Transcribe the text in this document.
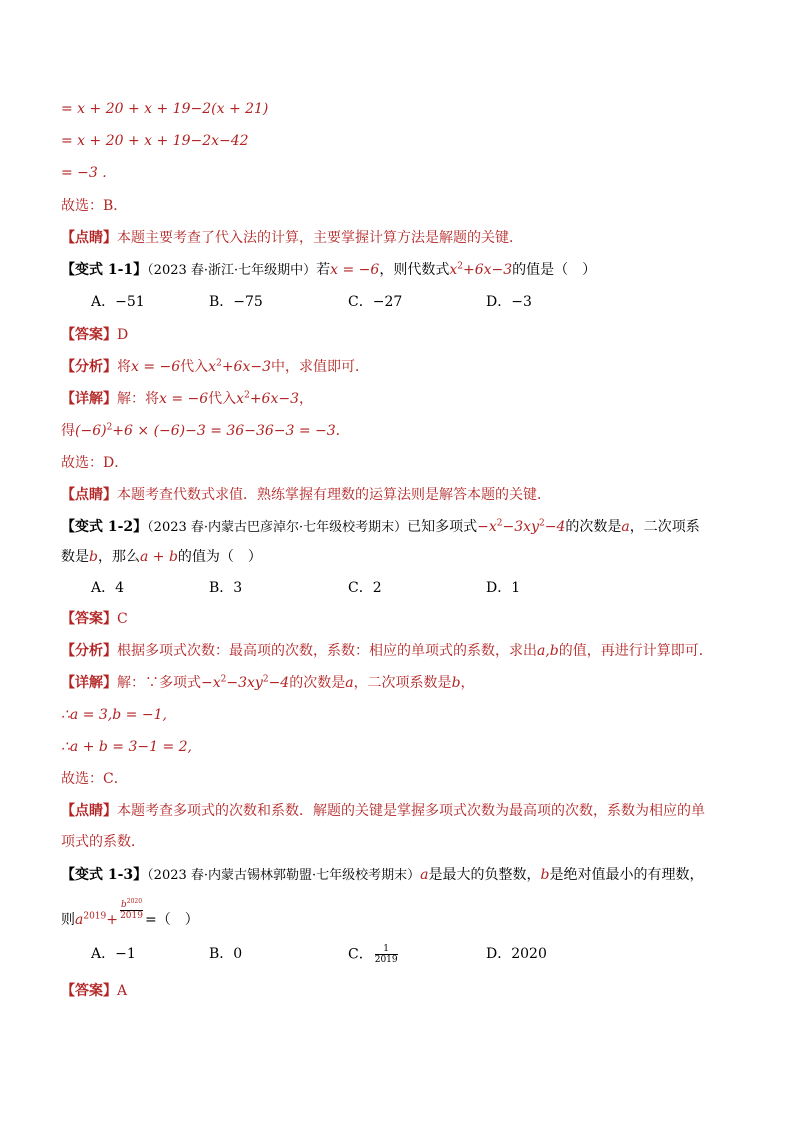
= x + 20 + x + 19−2(x + 21)
= x + 20 + x + 19−2x−42
= −3 .
故选：B．
【点睛】本题主要考查了代入法的计算，主要掌握计算方法是解题的关键．
【变式 1-1】（2023 春·浙江·七年级期中）若x = −6，则代数式$x^2+6x-3$的值是（　）
A．−51	B．−75	C．−27	D．−3
【答案】D
【分析】将x = −6代入$x^2+6x-3$中，求值即可．
【详解】解：将x = −6代入$x^2+6x-3$，
得$(-6)^2+6 \times (-6)-3 = 36-36-3 = -3$．
故选：D．
【点睛】本题考查代数式求值．熟练掌握有理数的运算法则是解答本题的关键．
【变式 1-2】（2023 春·内蒙古巴彦淖尔·七年级校考期末）已知多项式$-x^2-3xy^2-4$的次数是a，二次项系
数是b，那么a + b的值为（　）
A．4	B．3	C．2	D．1
【答案】C
【分析】根据多项式次数：最高项的次数，系数：相应的单项式的系数，求出a,b的值，再进行计算即可．
【详解】解：∵多项式$-x^2-3xy^2-4$的次数是a，二次项系数是b，
∴a = 3,b = −1,
∴a + b = 3−1 = 2,
故选：C．
【点睛】本题考查多项式的次数和系数．解题的关键是掌握多项式次数为最高项的次数，系数为相应的单
项式的系数．
【变式 1-3】（2023 春·内蒙古锡林郭勒盟·七年级校考期末）a是最大的负整数，b是绝对值最小的有理数，
则$a^{2019}+ \frac{b^{2020}}{2019}$ =（　）
A．−1	B．0	C． $\frac{1}{2019}$	D．2020
【答案】A
